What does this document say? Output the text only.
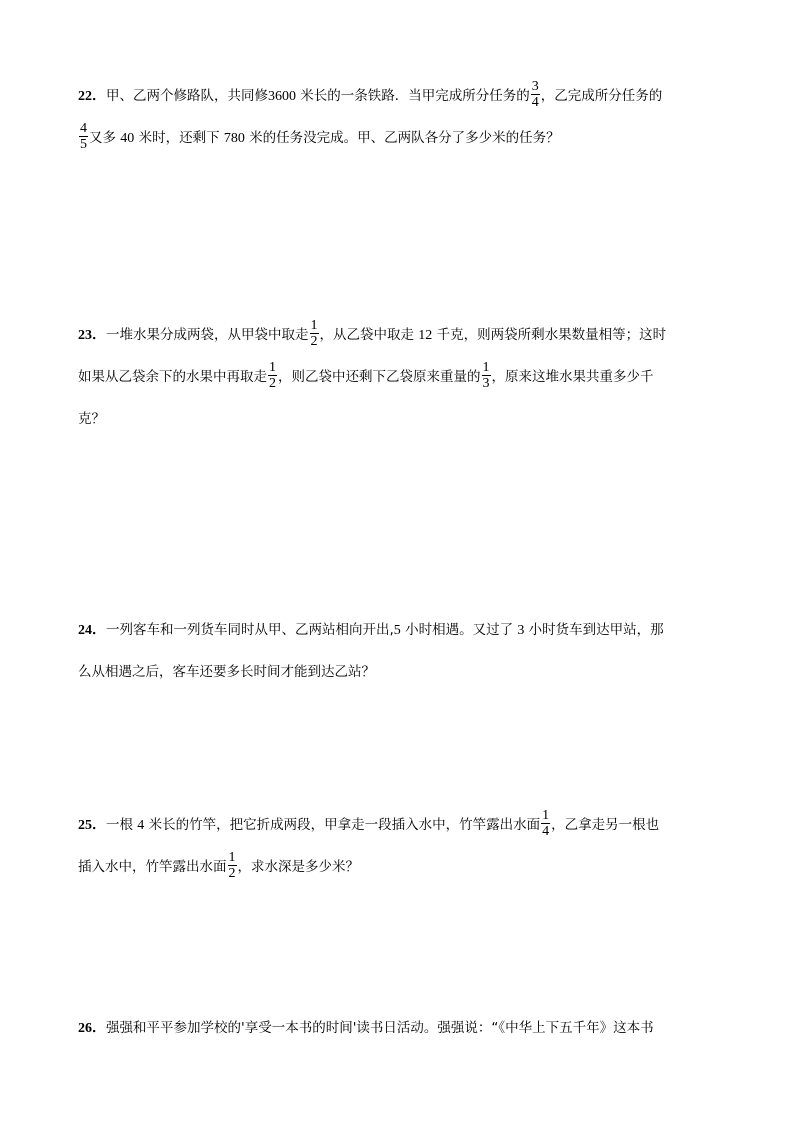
22．甲、乙两个修路队，共同修3600 米长的一条铁路．当甲完成所分任务的 $\frac{3}{4}$ ，乙完成所分任务的
$\frac{4}{5}$ 又多 40 米时，还剩下 780 米的任务没完成。甲、乙两队各分了多少米的任务？
23．一堆水果分成两袋，从甲袋中取走 $\frac{1}{2}$ ，从乙袋中取走 12 千克，则两袋所剩水果数量相等；这时
如果从乙袋余下的水果中再取走 $\frac{1}{2}$ ，则乙袋中还剩下乙袋原来重量的 $\frac{1}{3}$ ，原来这堆水果共重多少千
克？
24．一列客车和一列货车同时从甲、乙两站相向开出,5 小时相遇。又过了 3 小时货车到达甲站，那
么从相遇之后，客车还要多长时间才能到达乙站？
25．一根 4 米长的竹竿，把它折成两段，甲拿走一段插入水中，竹竿露出水面 $\frac{1}{4}$ ，乙拿走另一根也
插入水中，竹竿露出水面 $\frac{1}{2}$ ，求水深是多少米？
26．强强和平平参加学校的'享受一本书的时间'读书日活动。强强说：“《中华上下五千年》这本书
